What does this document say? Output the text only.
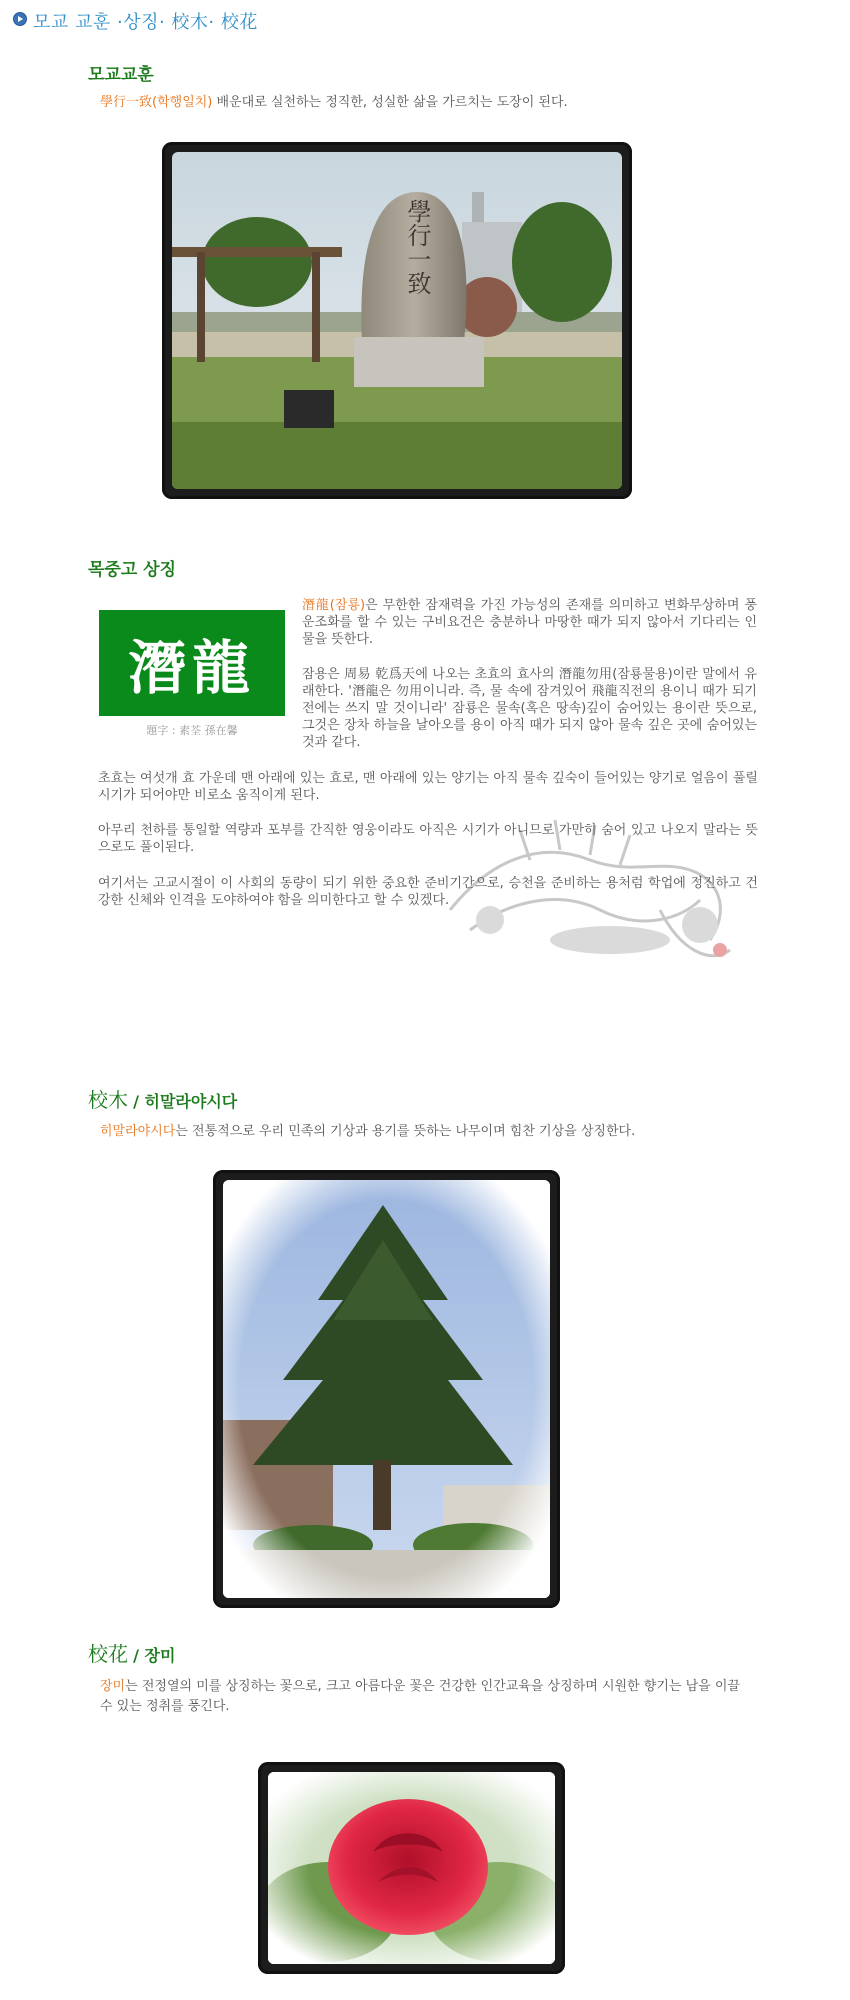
모교 교훈 ·상징· 校木· 校花
모교교훈
學行一致(학행일치) 배운대로 실천하는 정직한, 성실한 삶을 가르치는 도장이 된다.
學行一致
목중고 상징
潛龍
題字 : 素荃 孫在馨
潛龍(잠룡)은 무한한 잠재력을 가진 가능성의 존재를 의미하고 변화무상하며 풍운조화를 할 수 있는 구비요건은 충분하나 마땅한 때가 되지 않아서 기다리는 인물을 뜻한다.
잠용은 周易 乾爲天에 나오는 초효의 효사의 潛龍勿用(잠룡물용)이란 말에서 유래한다. '潛龍은 勿用이니라. 즉, 물 속에 잠겨있어 飛龍직전의 용이니 때가 되기 전에는 쓰지 말 것이니라' 잠룡은 물속(혹은 땅속)깊이 숨어있는 용이란 뜻으로, 그것은 장차 하늘을 날아오를 용이 아직 때가 되지 않아 물속 깊은 곳에 숨어있는 것과 같다.
초효는 여섯개 효 가운데 맨 아래에 있는 효로, 맨 아래에 있는 양기는 아직 물속 깊숙이 들어있는 양기로 얼음이 풀릴 시기가 되어야만 비로소 움직이게 된다.
아무리 천하를 통일할 역량과 포부를 간직한 영웅이라도 아직은 시기가 아니므로 가만히 숨어 있고 나오지 말라는 뜻으로도 풀이된다.
여기서는 고교시절이 이 사회의 동량이 되기 위한 중요한 준비기간으로, 승천을 준비하는 용처럼 학업에 정진하고 건강한 신체와 인격을 도야하여야 함을 의미한다고 할 수 있겠다.
校木 / 히말라야시다
히말라야시다는 전통적으로 우리 민족의 기상과 용기를 뜻하는 나무이며 힘찬 기상을 상징한다.
校花 / 장미
장미는 전정열의 미를 상징하는 꽃으로, 크고 아름다운 꽃은 건강한 인간교육을 상징하며 시원한 향기는 남을 이끌 수 있는 정취를 풍긴다.
